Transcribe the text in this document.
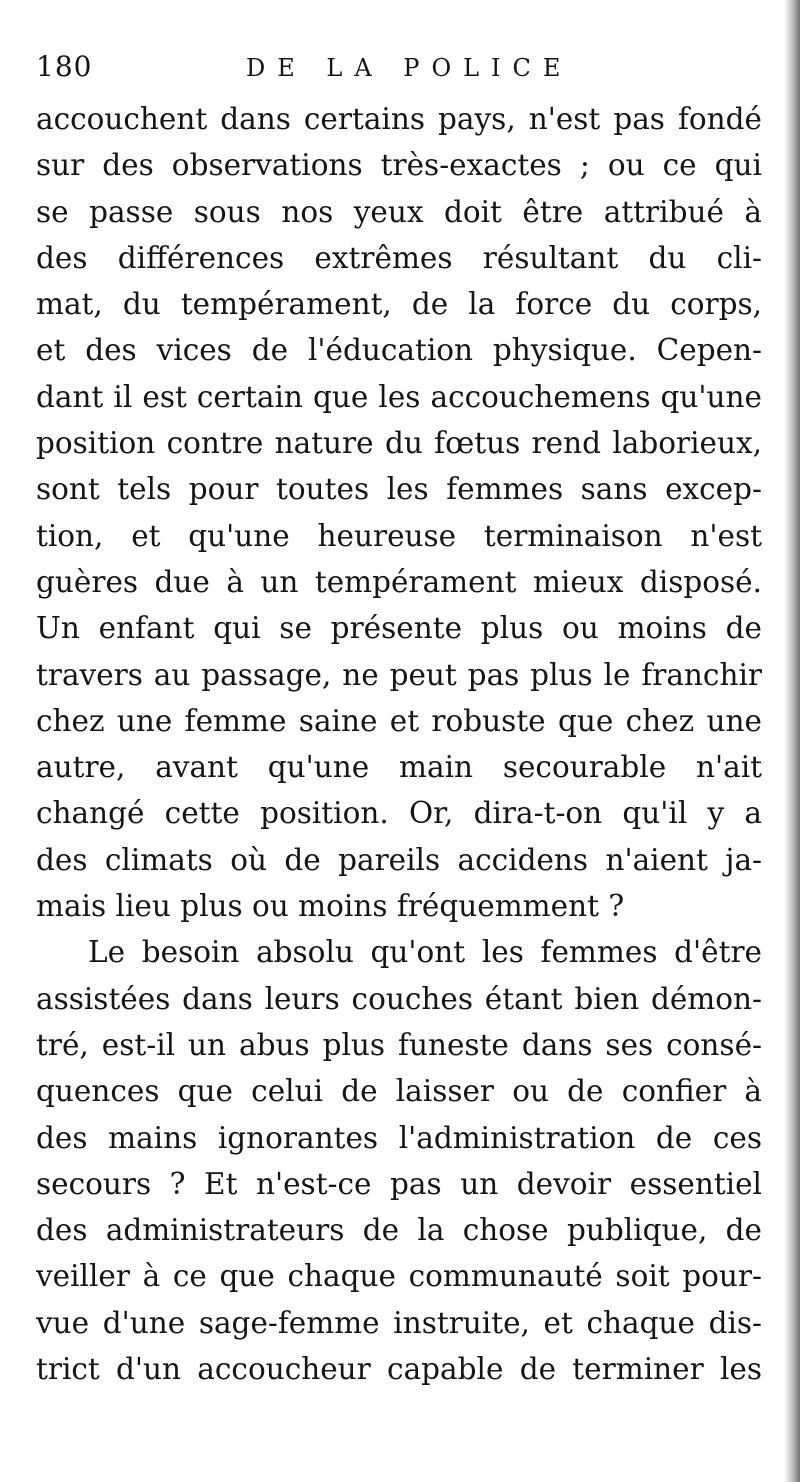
180	DE LA POLICE
accouchent dans certains pays, n'est pas fondé
sur des observations très-exactes ; ou ce qui
se passe sous nos yeux doit être attribué à
des différences extrêmes résultant du cli-
mat, du tempérament, de la force du corps,
et des vices de l'éducation physique. Cepen-
dant il est certain que les accouchemens qu'une
position contre nature du fœtus rend laborieux,
sont tels pour toutes les femmes sans excep-
tion, et qu'une heureuse terminaison n'est
guères due à un tempérament mieux disposé.
Un enfant qui se présente plus ou moins de
travers au passage, ne peut pas plus le franchir
chez une femme saine et robuste que chez une
autre, avant qu'une main secourable n'ait
changé cette position. Or, dira-t-on qu'il y a
des climats où de pareils accidens n'aient ja-
mais lieu plus ou moins fréquemment ?
Le besoin absolu qu'ont les femmes d'être
assistées dans leurs couches étant bien démon-
tré, est-il un abus plus funeste dans ses consé-
quences que celui de laisser ou de confier à
des mains ignorantes l'administration de ces
secours ? Et n'est-ce pas un devoir essentiel
des administrateurs de la chose publique, de
veiller à ce que chaque communauté soit pour-
vue d'une sage-femme instruite, et chaque dis-
trict d'un accoucheur capable de terminer les
